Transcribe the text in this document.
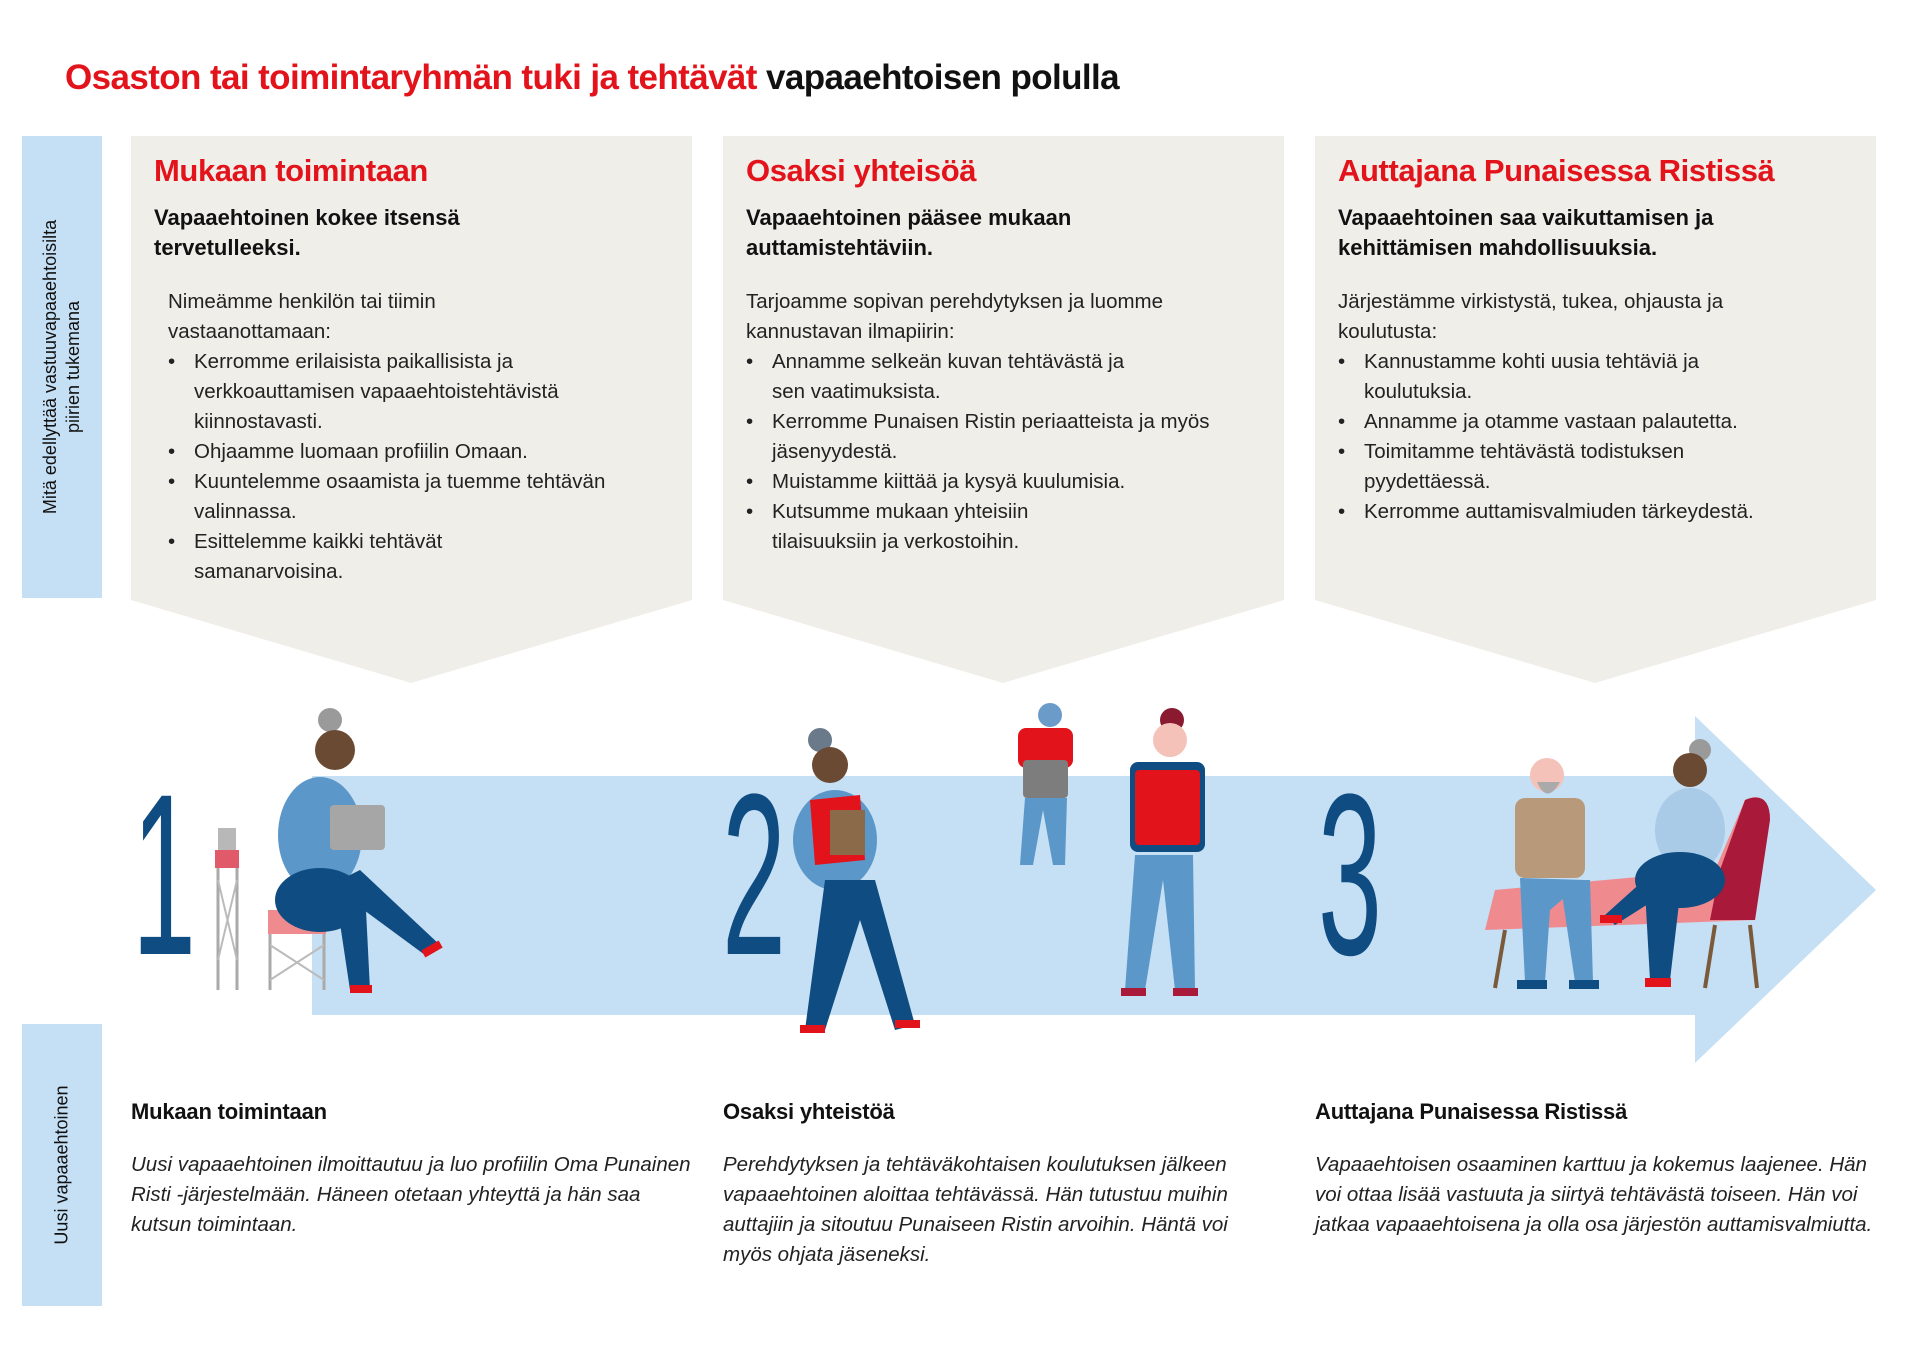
Osaston tai toimintaryhmän tuki ja tehtävät vapaaehtoisen polulla
Mitä edellyttää vastuuvapaaehtoisilta piirien tukemana
Uusi vapaaehtoinen
Mukaan toimintaan

Vapaaehtoinen kokee itsensä tervetulleeksi.

Nimeämme henkilön tai tiimin vastaanottamaan:

• Kerromme erilaisista paikallisista ja verkkoauttamisen vapaaehtoistehtävistä kiinnostavasti.
• Ohjaamme luomaan profiilin Omaan.
• Kuuntelemme osaamista ja tuemme tehtävän valinnassa.
• Esittelemme kaikki tehtävät samanarvoisina.
Osaksi yhteisöä

Vapaaehtoinen pääsee mukaan auttamistehtäviin.

Tarjoamme sopivan perehdytyksen ja luomme kannustavan ilmapiirin:

• Annamme selkeän kuvan tehtävästä ja sen vaatimuksista.
• Kerromme Punaisen Ristin periaatteista ja myös jäsenyydestä.
• Muistamme kiittää ja kysyä kuulumisia.
• Kutsumme mukaan yhteisiin tilaisuuksiin ja verkostoihin.
Auttajana Punaisessa Ristissä

Vapaaehtoinen saa vaikuttamisen ja kehittämisen mahdollisuuksia.

Järjestämme virkistystä, tukea, ohjausta ja koulutusta:

• Kannustamme kohti uusia tehtäviä ja koulutuksia.
• Annamme ja otamme vastaan palautetta.
• Toimitamme tehtävästä todistuksen pyydettäessä.
• Kerromme auttamisvalmiuden tärkeydestä.
1 2 3
Mukaan toimintaan

Uusi vapaaehtoinen ilmoittautuu ja luo profiilin Oma Punainen Risti -järjestelmään. Häneen otetaan yhteyttä ja hän saa kutsun toimintaan.

Osaksi yhteistöä

Perehdytyksen ja tehtäväkohtaisen koulutuksen jälkeen vapaaehtoinen aloittaa tehtävässä. Hän tutustuu muihin auttajiin ja sitoutuu Punaiseen Ristin arvoihin. Häntä voi myös ohjata jäseneksi.

Auttajana Punaisessa Ristissä

Vapaaehtoisen osaaminen karttuu ja kokemus laajenee. Hän voi ottaa lisää vastuuta ja siirtyä tehtävästä toiseen. Hän voi jatkaa vapaaehtoisena ja olla osa järjestön auttamisvalmiutta.
